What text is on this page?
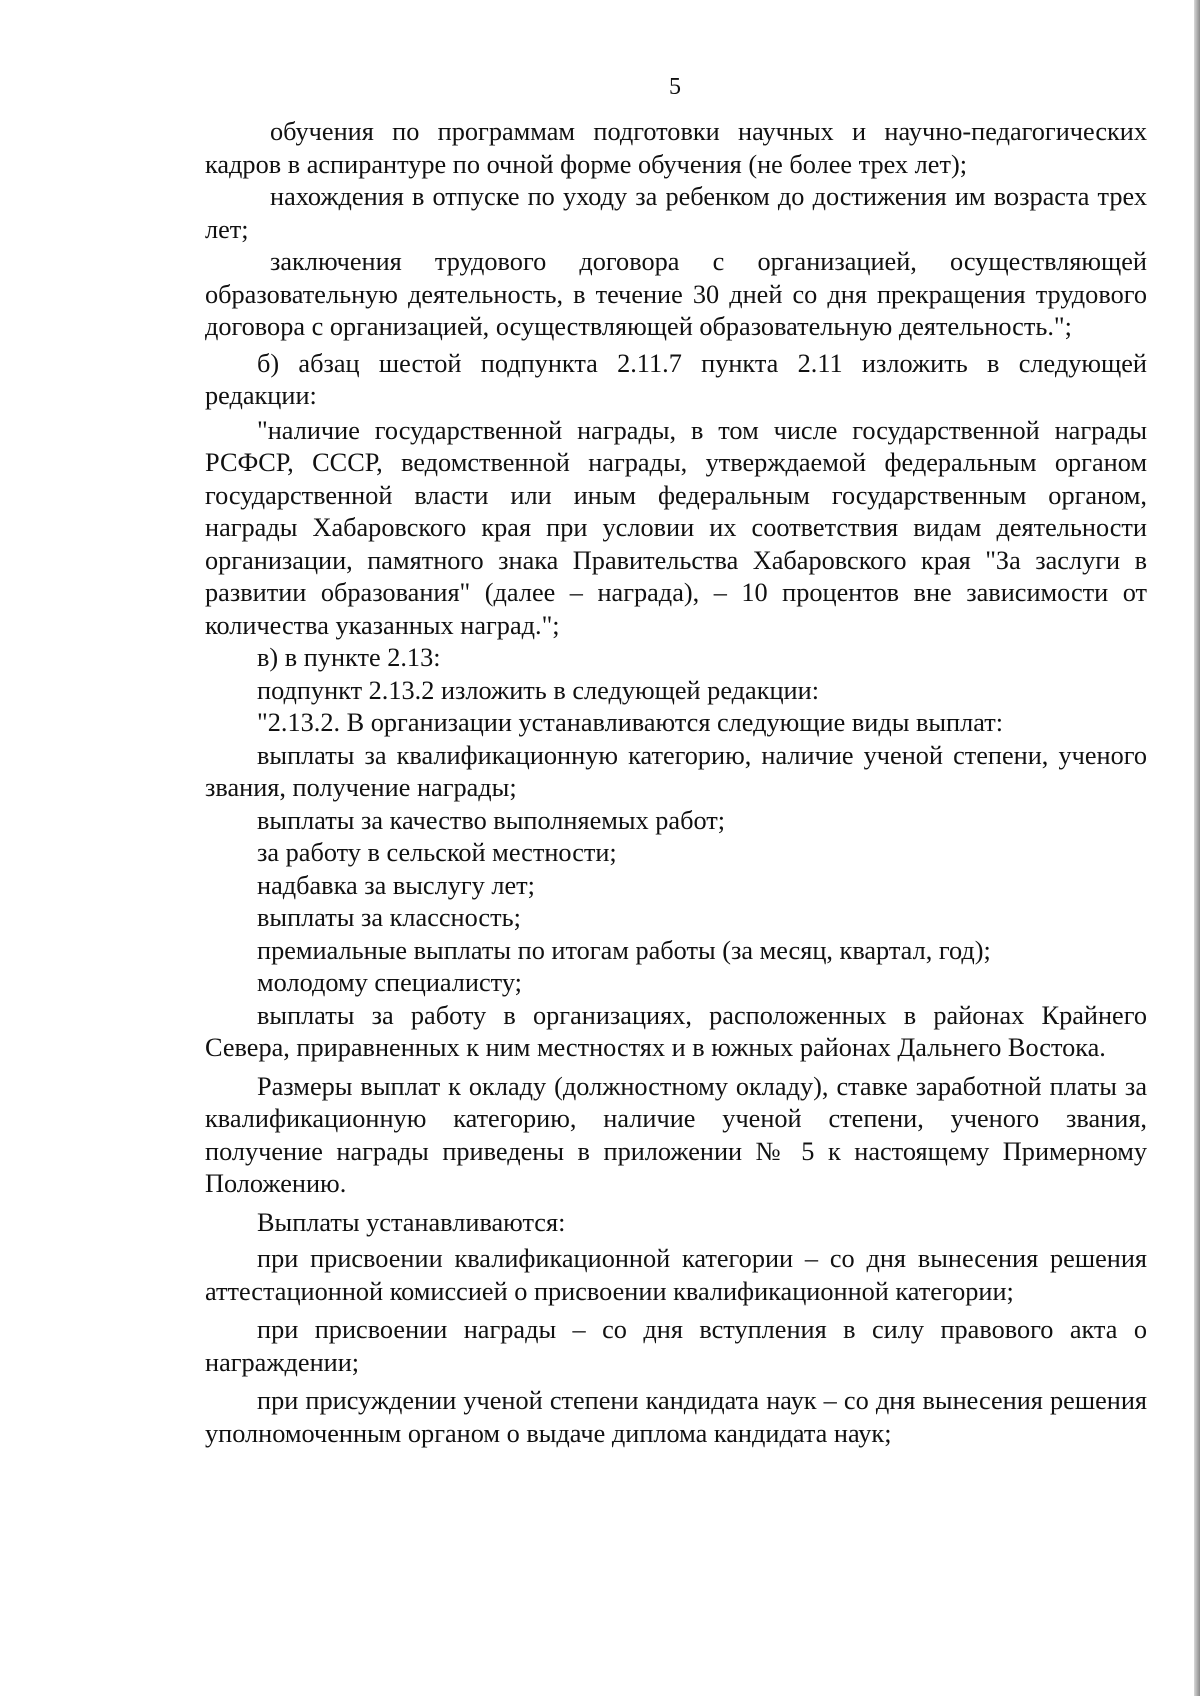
5

обучения по программам подготовки научных и научно-педагогических кадров в аспирантуре по очной форме обучения (не более трех лет);

нахождения в отпуске по уходу за ребенком до достижения им возраста трех лет;

заключения трудового договора с организацией, осуществляющей образовательную деятельность, в течение 30 дней со дня прекращения трудового договора с организацией, осуществляющей образовательную деятельность.";

б) абзац шестой подпункта 2.11.7 пункта 2.11 изложить в следующей редакции:

"наличие государственной награды, в том числе государственной награды РСФСР, СССР, ведомственной награды, утверждаемой федеральным органом государственной власти или иным федеральным государственным органом, награды Хабаровского края при условии их соответствия видам деятельности организации, памятного знака Правительства Хабаровского края "За заслуги в развитии образования" (далее – награда), – 10 процентов вне зависимости от количества указанных наград.";

в) в пункте 2.13:

подпункт 2.13.2 изложить в следующей редакции:

"2.13.2. В организации устанавливаются следующие виды выплат:

выплаты за квалификационную категорию, наличие ученой степени, ученого звания, получение награды;

выплаты за качество выполняемых работ;

за работу в сельской местности;

надбавка за выслугу лет;

выплаты за классность;

премиальные выплаты по итогам работы (за месяц, квартал, год);

молодому специалисту;

выплаты за работу в организациях, расположенных в районах Крайнего Севера, приравненных к ним местностях и в южных районах Дальнего Востока.

Размеры выплат к окладу (должностному окладу), ставке заработной платы за квалификационную категорию, наличие ученой степени, ученого звания, получение награды приведены в приложении № 5 к настоящему Примерному Положению.

Выплаты устанавливаются:

при присвоении квалификационной категории – со дня вынесения решения аттестационной комиссией о присвоении квалификационной категории;

при присвоении награды – со дня вступления в силу правового акта о награждении;

при присуждении ученой степени кандидата наук – со дня вынесения решения уполномоченным органом о выдаче диплома кандидата наук;
